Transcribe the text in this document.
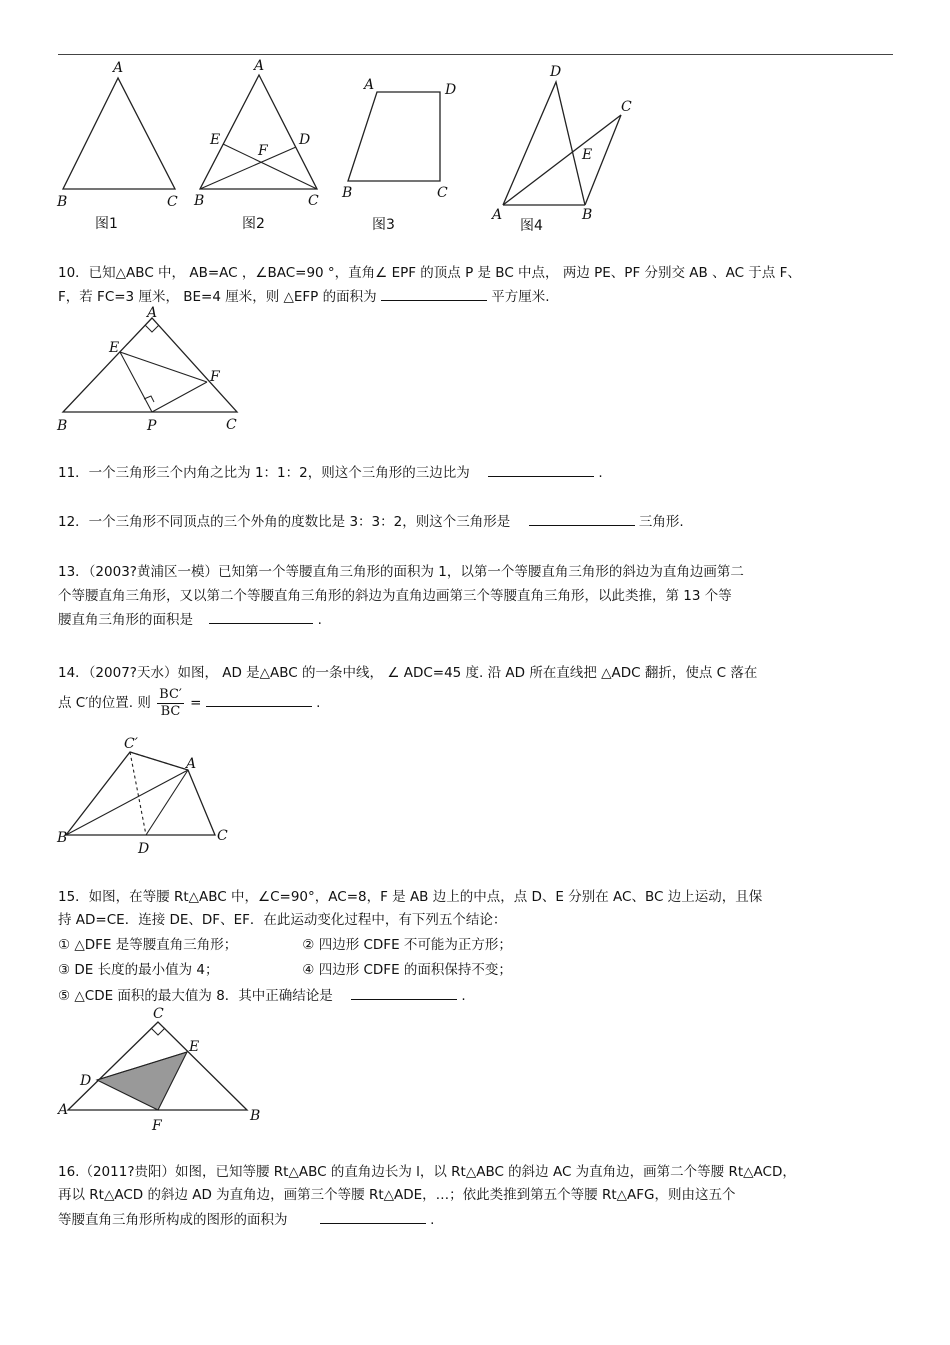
A
B	C
图1
A
E	D
F
B	C
图2
A	D
B	C
图3
D
C
E
A	B
图4
10．已知△ABC 中， AB=AC ，∠BAC=90 °，直角∠ EPF 的顶点 P 是 BC 中点， 两边 PE、PF 分别交 AB 、AC 于点 F、
F，若 FC=3 厘米， BE=4 厘米，则 △EFP 的面积为	平方厘米.
A
E
F
B	P	C
11．一个三角形三个内角之比为 1：1：2，则这个三角形的三边比为	.
12．一个三角形不同顶点的三个外角的度数比是 3：3：2，则这个三角形是	三角形.
13．（2003?黄浦区一模）已知第一个等腰直角三角形的面积为 1，以第一个等腰直角三角形的斜边为直角边画第二
个等腰直角三角形，又以第二个等腰直角三角形的斜边为直角边画第三个等腰直角三角形，以此类推，第 13 个等
腰直角三角形的面积是	.
14．（2007?天水）如图， AD 是△ABC 的一条中线， ∠ ADC=45 度. 沿 AD 所在直线把 △ADC 翻折，使点 C 落在
点 C′的位置. 则 $\frac{BC'}{BC}$ =	.
C′
A
B
D
C
15．如图，在等腰 Rt△ABC 中，∠C=90°，AC=8，F 是 AB 边上的中点，点 D、E 分别在 AC、BC 边上运动，且保
持 AD=CE．连接 DE、DF、EF．在此运动变化过程中，有下列五个结论：
① △DFE 是等腰直角三角形；	② 四边形 CDFE 不可能为正方形；
③ DE 长度的最小值为 4；	④ 四边形 CDFE 的面积保持不变；
⑤ △CDE 面积的最大值为 8．其中正确结论是	.
C
E
D
A	B
F
16.（2011?贵阳）如图，已知等腰 Rt△ABC 的直角边长为 l，以 Rt△ABC 的斜边 AC 为直角边，画第二个等腰 Rt△ACD，
再以 Rt△ACD 的斜边 AD 为直角边，画第三个等腰 Rt△ADE，…；依此类推到第五个等腰 Rt△AFG，则由这五个
等腰直角三角形所构成的图形的面积为	.
